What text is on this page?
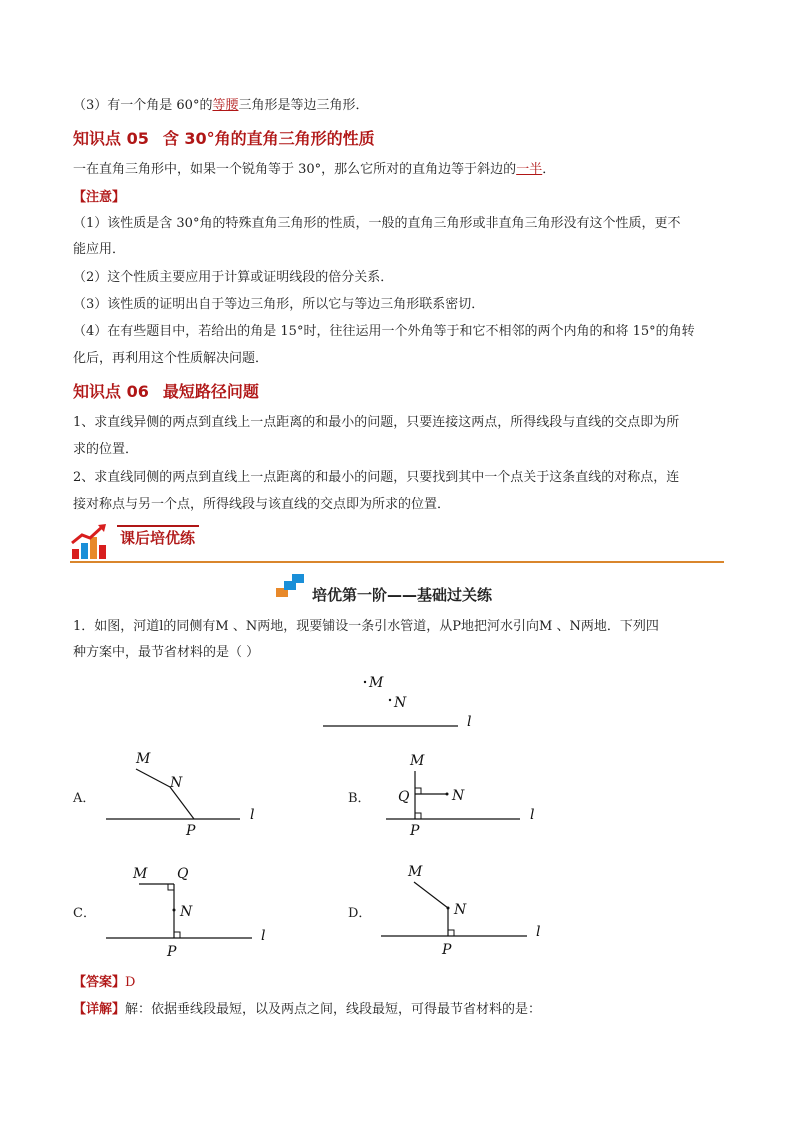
（3）有一个角是 60°的等腰三角形是等边三角形．
知识点 05 含 30°角的直角三角形的性质
一在直角三角形中，如果一个锐角等于 30°，那么它所对的直角边等于斜边的一半．
【注意】
（1）该性质是含 30°角的特殊直角三角形的性质，一般的直角三角形或非直角三角形没有这个性质，更不
能应用．
（2）这个性质主要应用于计算或证明线段的倍分关系．
（3）该性质的证明出自于等边三角形，所以它与等边三角形联系密切．
（4）在有些题目中，若给出的角是 15°时，往往运用一个外角等于和它不相邻的两个内角的和将 15°的角转
化后，再利用这个性质解决问题．
知识点 06 最短路径问题
1、求直线异侧的两点到直线上一点距离的和最小的问题，只要连接这两点，所得线段与直线的交点即为所
求的位置．
2、求直线同侧的两点到直线上一点距离的和最小的问题，只要找到其中一个点关于这条直线的对称点，连
接对称点与另一个点，所得线段与该直线的交点即为所求的位置．
课后培优练
培优第一阶——基础过关练
1．如图，河道l的同侧有M 、N两地，现要铺设一条引水管道，从P地把河水引向M 、N两地．下列四
种方案中，最节省材料的是（ ）
M
N
l
A．
M
N
l
P
B．
M
Q	N
l
P
C．
M Q
N
l
P
D．
M
N
l
P
【答案】D
【详解】解：依据垂线段最短，以及两点之间，线段最短，可得最节省材料的是：
